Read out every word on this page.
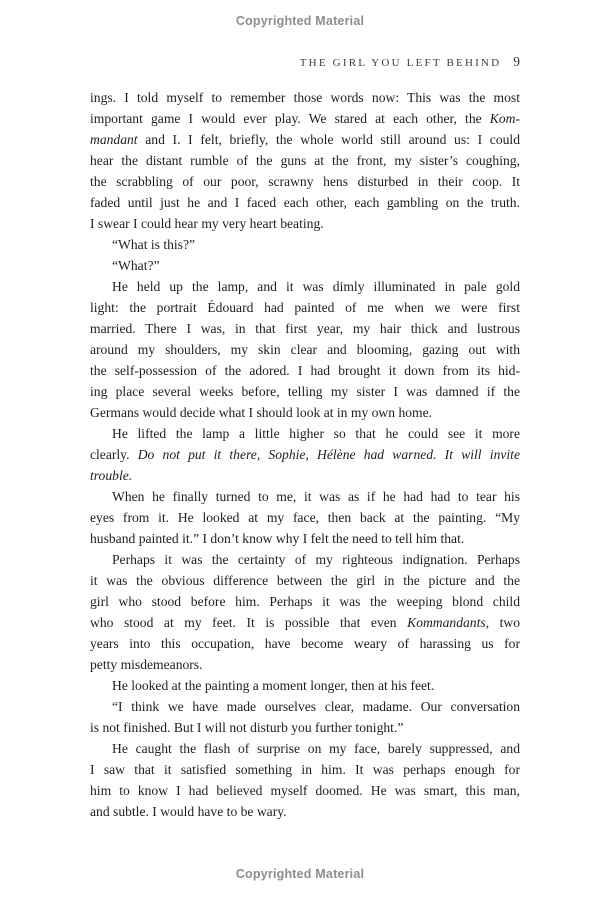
Copyrighted Material
THE GIRL YOU LEFT BEHIND 9
ings. I told myself to remember those words now: This was the most
important game I would ever play. We stared at each other, the Kom-
mandant and I. I felt, briefly, the whole world still around us: I could
hear the distant rumble of the guns at the front, my sister’s coughing,
the scrabbling of our poor, scrawny hens disturbed in their coop. It
faded until just he and I faced each other, each gambling on the truth.
I swear I could hear my very heart beating.
“What is this?”
“What?”
He held up the lamp, and it was dimly illuminated in pale gold
light: the portrait Édouard had painted of me when we were first
married. There I was, in that first year, my hair thick and lustrous
around my shoulders, my skin clear and blooming, gazing out with
the self-possession of the adored. I had brought it down from its hid-
ing place several weeks before, telling my sister I was damned if the
Germans would decide what I should look at in my own home.
He lifted the lamp a little higher so that he could see it more
clearly. Do not put it there, Sophie, Hélène had warned. It will invite
trouble.
When he finally turned to me, it was as if he had had to tear his
eyes from it. He looked at my face, then back at the painting. “My
husband painted it.” I don’t know why I felt the need to tell him that.
Perhaps it was the certainty of my righteous indignation. Perhaps
it was the obvious difference between the girl in the picture and the
girl who stood before him. Perhaps it was the weeping blond child
who stood at my feet. It is possible that even Kommandants, two
years into this occupation, have become weary of harassing us for
petty misdemeanors.
He looked at the painting a moment longer, then at his feet.
“I think we have made ourselves clear, madame. Our conversation
is not finished. But I will not disturb you further tonight.”
He caught the flash of surprise on my face, barely suppressed, and
I saw that it satisfied something in him. It was perhaps enough for
him to know I had believed myself doomed. He was smart, this man,
and subtle. I would have to be wary.
Copyrighted Material
